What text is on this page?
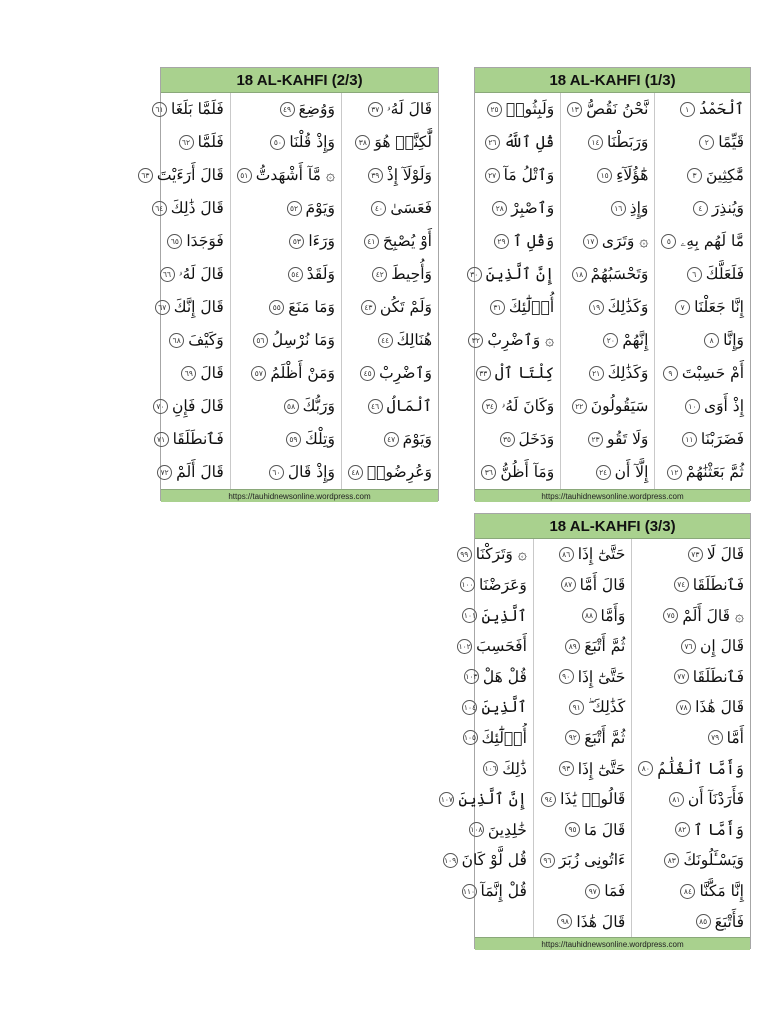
18 AL-KAHFI (2/3)
قَالَ لَهُۥ
٣٧
لَّٰكِنَّا۠ هُوَ
٣٨
وَلَوْلَآ إِذْ
٣٩
فَعَسَىٰ
٤٠
أَوْ يُصْبِحَ
٤١
وَأُحِيطَ
٤٢
وَلَمْ تَكُن
٤٣
هُنَالِكَ
٤٤
وَٱضْرِبْ
٤٥
ٱلْمَالُ
٤٦
وَيَوْمَ
٤٧
وَعُرِضُوا۟
٤٨
وَوُضِعَ
٤٩
وَإِذْ قُلْنَا
٥٠
۞ مَّآ أَشْهَدتُّ
٥١
وَيَوْمَ
٥٢
وَرَءَا
٥٣
وَلَقَدْ
٥٤
وَمَا مَنَعَ
٥٥
وَمَا نُرْسِلُ
٥٦
وَمَنْ أَظْلَمُ
٥٧
وَرَبُّكَ
٥٨
وَتِلْكَ
٥٩
وَإِذْ قَالَ
٦٠
فَلَمَّا بَلَغَا
٦١
فَلَمَّا
٦٢
قَالَ أَرَءَيْتَ
٦٣
قَالَ ذَٰلِكَ
٦٤
فَوَجَدَا
٦٥
قَالَ لَهُۥ
٦٦
قَالَ إِنَّكَ
٦٧
وَكَيْفَ
٦٨
قَالَ
٦٩
قَالَ فَإِنِ
٧٠
فَٱنطَلَقَا
٧١
قَالَ أَلَمْ
٧٢
https://tauhidnewsonline.wordpress.com
18 AL-KAHFI (1/3)
ٱلْحَمْدُ
١
قَيِّمًا
٢
مَّٰكِثِينَ
٣
وَيُنذِرَ
٤
مَّا لَهُم بِهِۦ
٥
فَلَعَلَّكَ
٦
إِنَّا جَعَلْنَا
٧
وَإِنَّا
٨
أَمْ حَسِبْتَ
٩
إِذْ أَوَى
١٠
فَضَرَبْنَا
١١
ثُمَّ بَعَثْنَٰهُمْ
١٢
نَّحْنُ نَقُصُّ
١٣
وَرَبَطْنَا
١٤
هَٰٓؤُلَآءِ
١٥
وَإِذِ
١٦
۞ وَتَرَى
١٧
وَتَحْسَبُهُمْ
١٨
وَكَذَٰلِكَ
١٩
إِنَّهُمْ
٢٠
وَكَذَٰلِكَ
٢١
سَيَقُولُونَ
٢٢
وَلَا تَقُو
٢٣
إِلَّآ أَن
٢٤
وَلَبِثُوا۟
٢٥
قُلِ ٱللَّهُ
٢٦
وَٱتْلُ مَآ
٢٧
وَٱصْبِرْ
٢٨
وَقُلِ ٱ
٢٩
إِنَّ ٱلَّذِينَ
٣٠
أُو۟لَٰٓئِكَ
٣١
۞ وَٱضْرِبْ
٣٢
كِلْتَا ٱلْ
٣٣
وَكَانَ لَهُۥ
٣٤
وَدَخَلَ
٣٥
وَمَآ أَظُنُّ
٣٦
https://tauhidnewsonline.wordpress.com
18 AL-KAHFI (3/3)
قَالَ لَا
٧٣
فَٱنطَلَقَا
٧٤
۞ قَالَ أَلَمْ
٧٥
قَالَ إِن
٧٦
فَٱنطَلَقَا
٧٧
قَالَ هَٰذَا
٧٨
أَمَّا
٧٩
وَأَمَّا ٱلْغُلَٰمُ
٨٠
فَأَرَدْنَآ أَن
٨١
وَأَمَّا ٱ
٨٢
وَيَسْـَٔلُونَكَ
٨٣
إِنَّا مَكَّنَّا
٨٤
فَأَتْبَعَ
٨٥
حَتَّىٰٓ إِذَا
٨٦
قَالَ أَمَّا
٨٧
وَأَمَّا
٨٨
ثُمَّ أَتْبَعَ
٨٩
حَتَّىٰٓ إِذَا
٩٠
كَذَٰلِكَ ۖ
٩١
ثُمَّ أَتْبَعَ
٩٢
حَتَّىٰٓ إِذَا
٩٣
قَالُوا۟ يَٰذَا
٩٤
قَالَ مَا
٩٥
ءَاتُونِى زُبَرَ
٩٦
فَمَا
٩٧
قَالَ هَٰذَا
٩٨
۞ وَتَرَكْنَا
٩٩
وَعَرَضْنَا
١٠٠
ٱلَّذِينَ
١٠١
أَفَحَسِبَ
١٠٢
قُلْ هَلْ
١٠٣
ٱلَّذِينَ
١٠٤
أُو۟لَٰٓئِكَ
١٠٥
ذَٰلِكَ
١٠٦
إِنَّ ٱلَّذِينَ
١٠٧
خَٰلِدِينَ
١٠٨
قُل لَّوْ كَانَ
١٠٩
قُلْ إِنَّمَآ
١١٠
https://tauhidnewsonline.wordpress.com
